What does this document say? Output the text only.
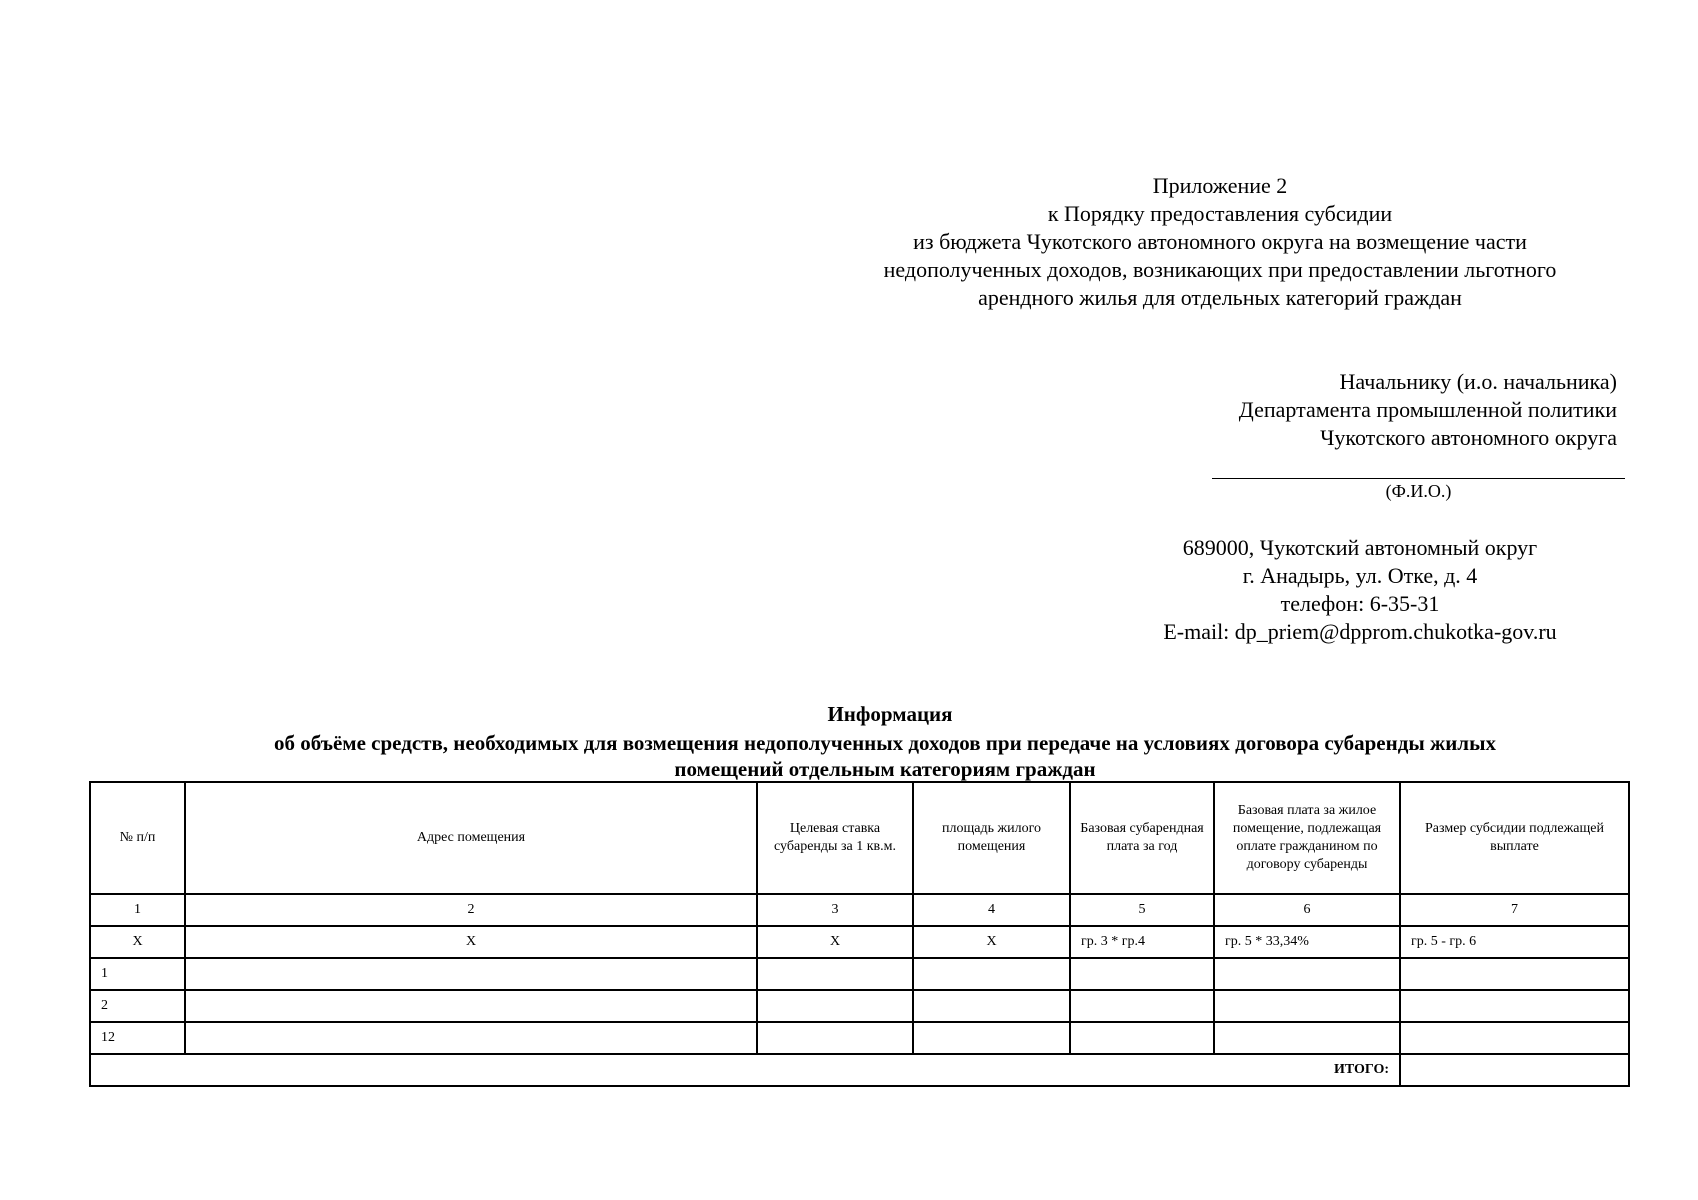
Приложение 2
к Порядку предоставления субсидии
из бюджета Чукотского автономного округа на возмещение части
недополученных доходов, возникающих при предоставлении льготного
арендного жилья для отдельных категорий граждан
Начальнику (и.о. начальника)
Департамента промышленной политики
Чукотского автономного округа
(Ф.И.О.)
689000, Чукотский автономный округ
г. Анадырь, ул. Отке, д. 4
телефон: 6-35-31
E-mail: dp_priem@dpprom.chukotka-gov.ru
Информация
об объёме средств, необходимых для возмещения недополученных доходов при передаче на условиях договора субаренды жилых
помещений отдельным категориям граждан
№ п/п	Адрес помещения	Целевая ставка субаренды за 1 кв.м.	площадь жилого помещения	Базовая субарендная плата за год	Базовая плата за жилое помещение, подлежащая оплате гражданином по договору субаренды	Размер субсидии подлежащей выплате
1	2	3	4	5	6	7
Х	Х	Х	Х	гр. 3 * гр.4	гр. 5 * 33,34%	гр. 5 - гр. 6
1						
2						
12						
ИТОГО:						
